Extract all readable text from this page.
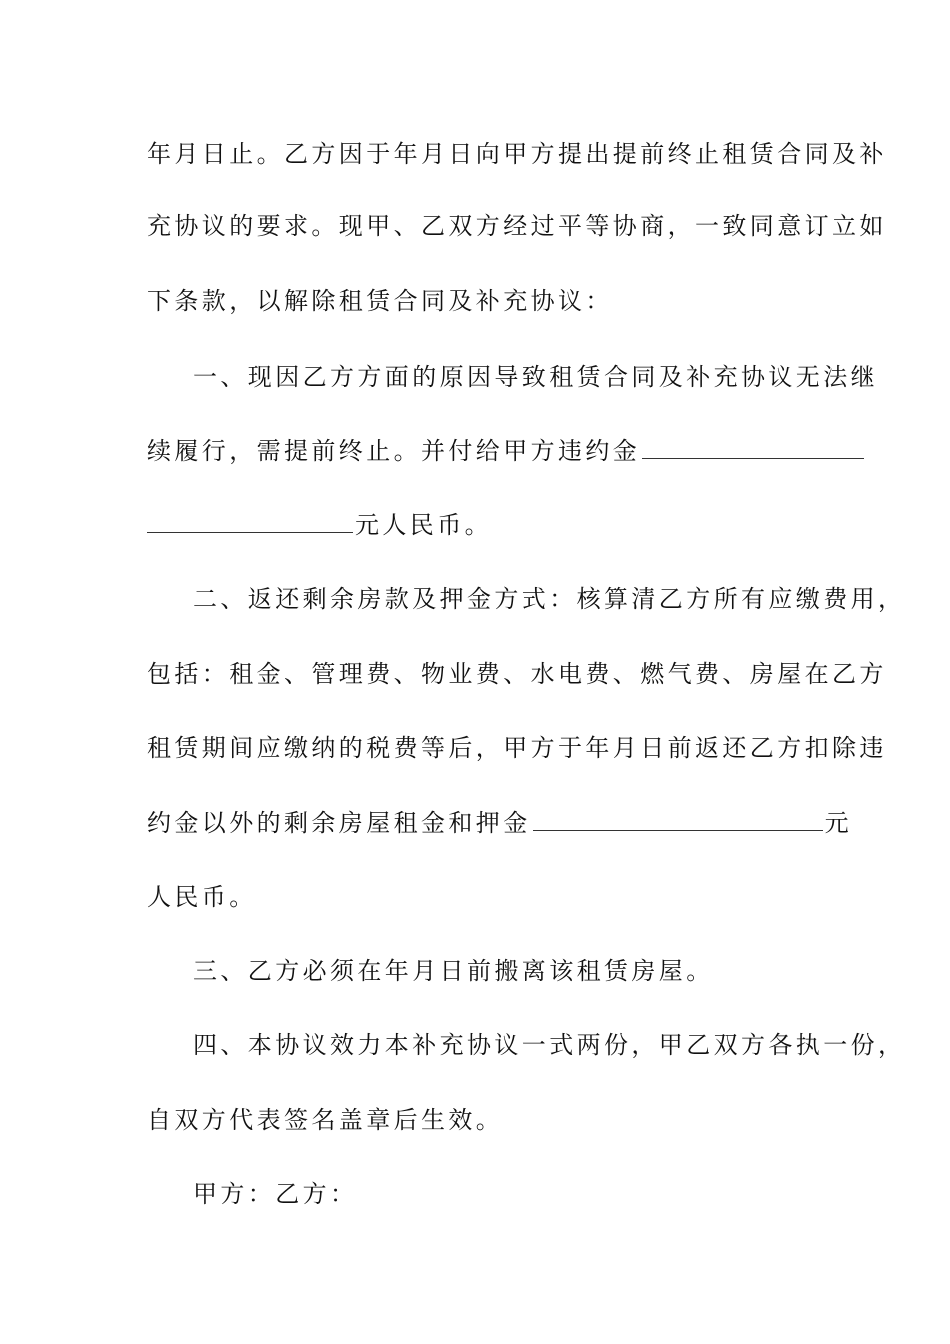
年月日止。乙方因于年月日向甲方提出提前终止租赁合同及补
充协议的要求。现甲、乙双方经过平等协商，一致同意订立如
下条款，以解除租赁合同及补充协议：
一、现因乙方方面的原因导致租赁合同及补充协议无法继
续履行，需提前终止。并付给甲方违约金
元人民币。
二、返还剩余房款及押金方式：核算清乙方所有应缴费用，
包括：租金、管理费、物业费、水电费、燃气费、房屋在乙方
租赁期间应缴纳的税费等后，甲方于年月日前返还乙方扣除违
约金以外的剩余房屋租金和押金	元
人民币。
三、乙方必须在年月日前搬离该租赁房屋。
四、本协议效力本补充协议一式两份，甲乙双方各执一份，
自双方代表签名盖章后生效。
甲方：乙方：
